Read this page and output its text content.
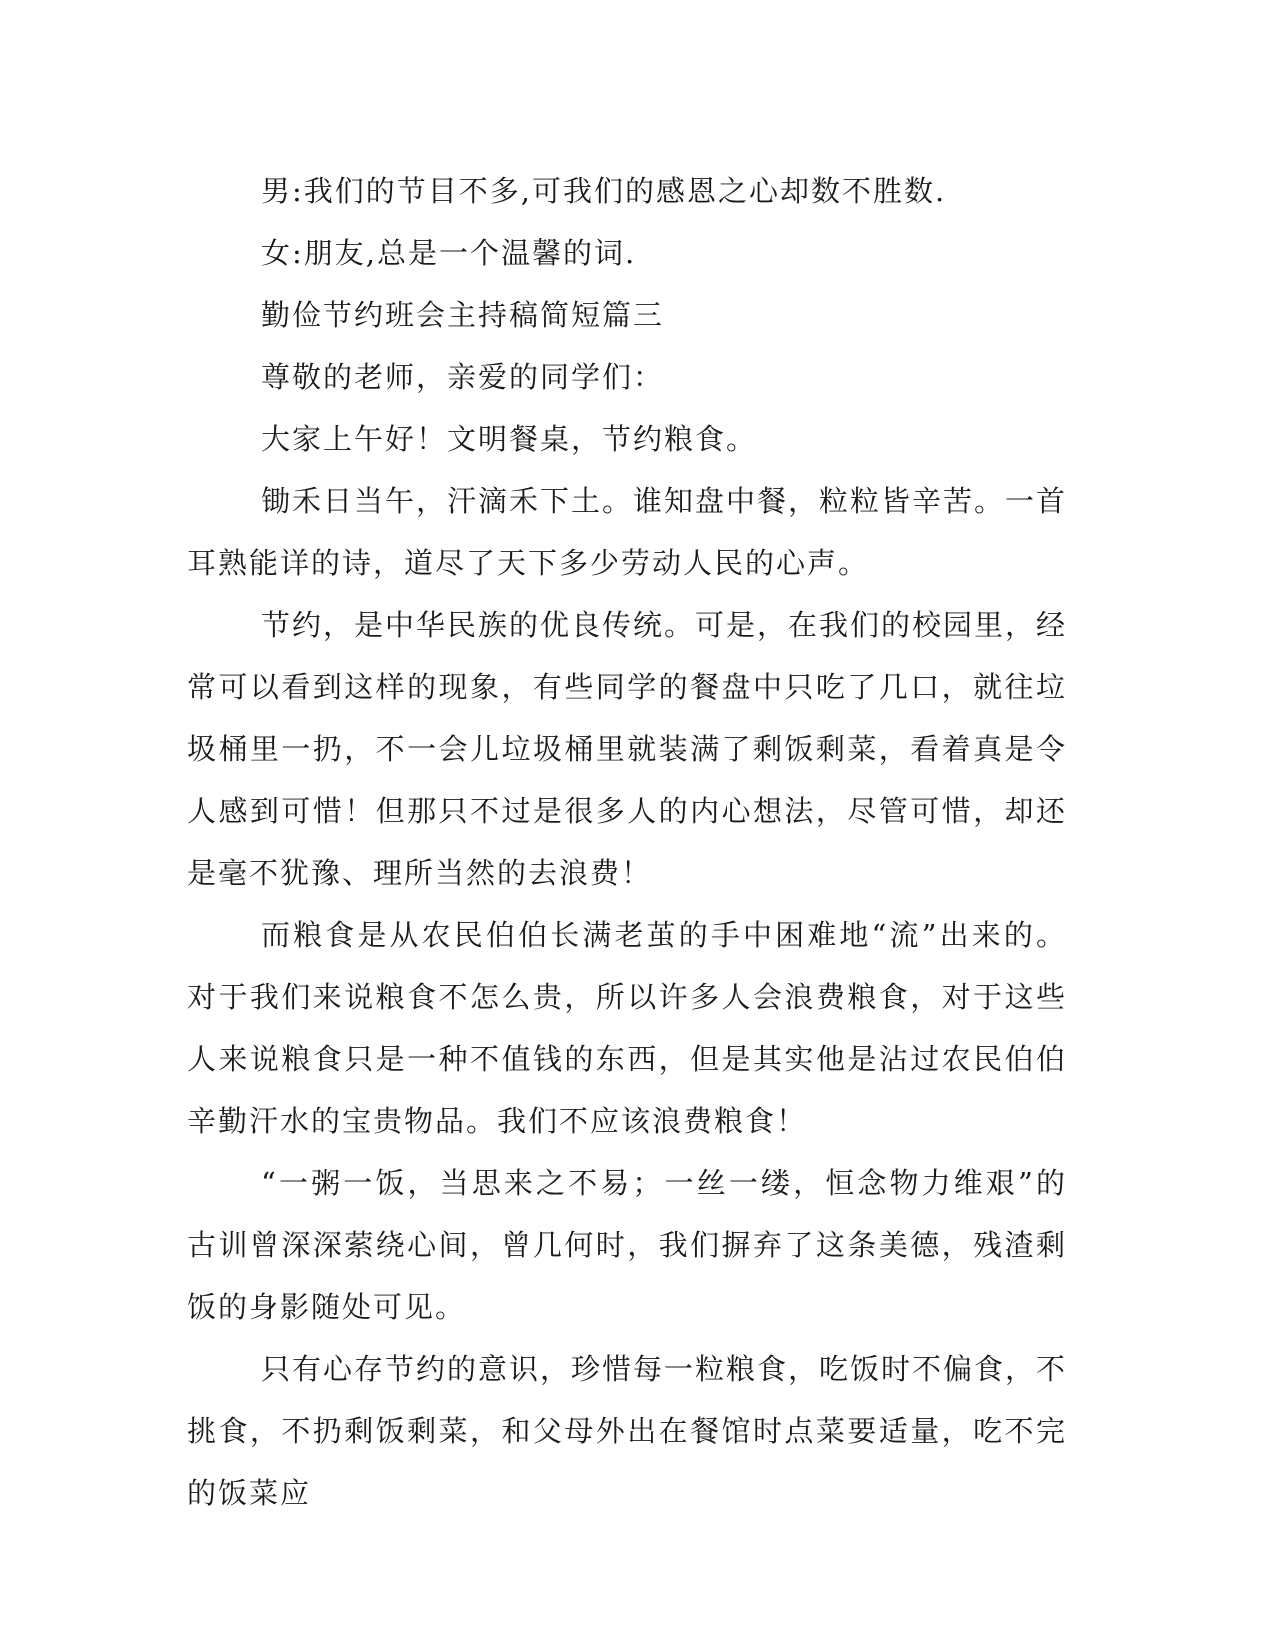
男:我们的节目不多,可我们的感恩之心却数不胜数.

女:朋友,总是一个温馨的词.

勤俭节约班会主持稿简短篇三

尊敬的老师，亲爱的同学们：

大家上午好！文明餐桌，节约粮食。

锄禾日当午，汗滴禾下土。谁知盘中餐，粒粒皆辛苦。一首耳熟能详的诗，道尽了天下多少劳动人民的心声。

节约，是中华民族的优良传统。可是，在我们的校园里，经常可以看到这样的现象，有些同学的餐盘中只吃了几口，就往垃圾桶里一扔，不一会儿垃圾桶里就装满了剩饭剩菜，看着真是令人感到可惜！但那只不过是很多人的内心想法，尽管可惜，却还是毫不犹豫、理所当然的去浪费！

而粮食是从农民伯伯长满老茧的手中困难地“流”出来的。对于我们来说粮食不怎么贵，所以许多人会浪费粮食，对于这些人来说粮食只是一种不值钱的东西，但是其实他是沾过农民伯伯辛勤汗水的宝贵物品。我们不应该浪费粮食！

“一粥一饭，当思来之不易；一丝一缕，恒念物力维艰”的古训曾深深萦绕心间，曾几何时，我们摒弃了这条美德，残渣剩饭的身影随处可见。

只有心存节约的意识，珍惜每一粒粮食，吃饭时不偏食，不挑食，不扔剩饭剩菜，和父母外出在餐馆时点菜要适量，吃不完的饭菜应
